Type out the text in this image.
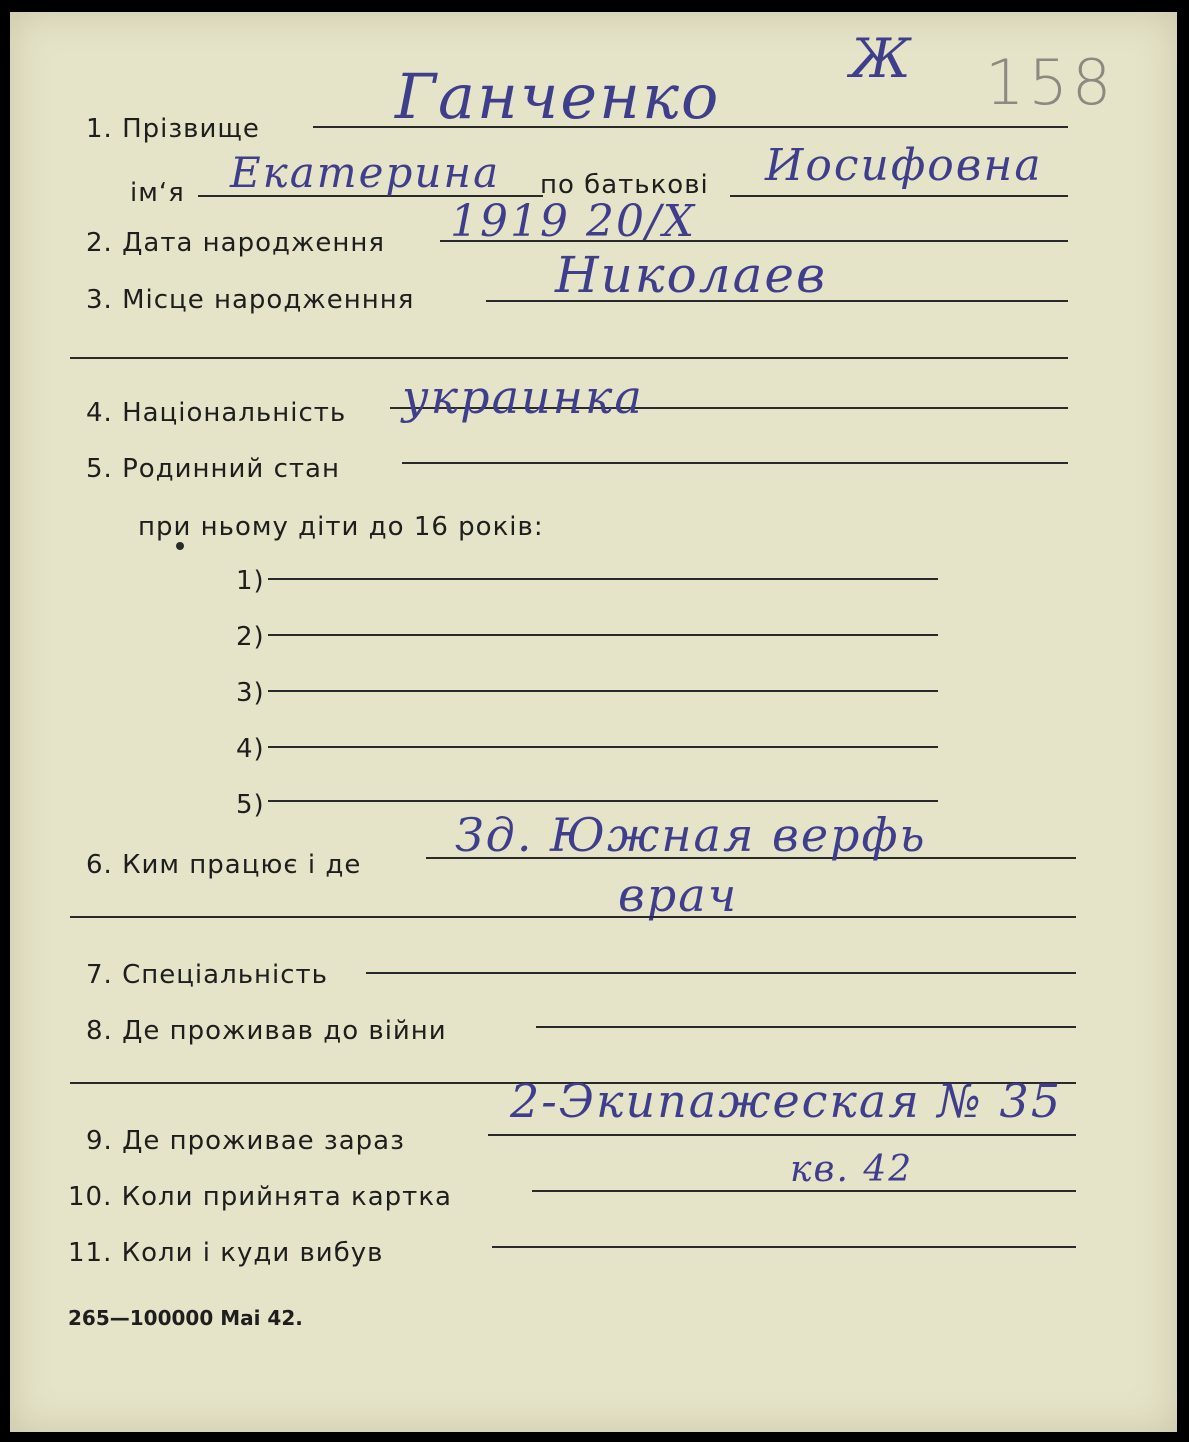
Ж 158
1. Прізвище Ганченко
ім‘я Екатерина по батькові Иосифовна
2. Дата народження 1919 20/X
3. Місце народженння	Николаев
4. Національність украинка
5. Родинний стан
при ньому діти до 16 років:
1)
2)
3)
4)
5)
6. Ким працює і де
Зд. Южная верфь
врач
7. Спеціальність
8. Де проживав до війни
9. Де проживае зараз
2-Экипажеская № 35
кв. 42
10. Коли прийнята картка
11. Коли і куди вибув
265—100000 Mai 42.
